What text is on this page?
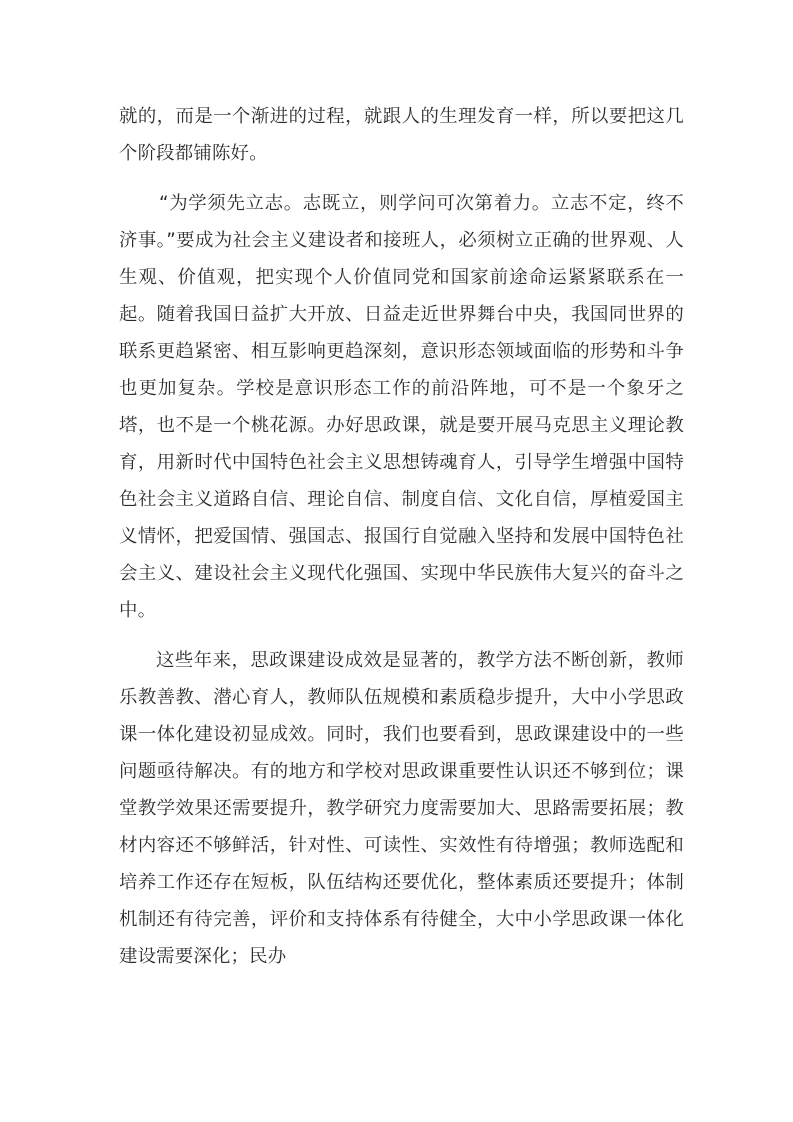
就的，而是一个渐进的过程，就跟人的生理发育一样，所以要把这几个阶段都铺陈好。

“为学须先立志。志既立，则学问可次第着力。立志不定，终不济事。”要成为社会主义建设者和接班人，必须树立正确的世界观、人生观、价值观，把实现个人价值同党和国家前途命运紧紧联系在一起。随着我国日益扩大开放、日益走近世界舞台中央，我国同世界的联系更趋紧密、相互影响更趋深刻，意识形态领域面临的形势和斗争也更加复杂。学校是意识形态工作的前沿阵地，可不是一个象牙之塔，也不是一个桃花源。办好思政课，就是要开展马克思主义理论教育，用新时代中国特色社会主义思想铸魂育人，引导学生增强中国特色社会主义道路自信、理论自信、制度自信、文化自信，厚植爱国主义情怀，把爱国情、强国志、报国行自觉融入坚持和发展中国特色社会主义、建设社会主义现代化强国、实现中华民族伟大复兴的奋斗之中。

这些年来，思政课建设成效是显著的，教学方法不断创新，教师乐教善教、潜心育人，教师队伍规模和素质稳步提升，大中小学思政课一体化建设初显成效。同时，我们也要看到，思政课建设中的一些问题亟待解决。有的地方和学校对思政课重要性认识还不够到位；课堂教学效果还需要提升，教学研究力度需要加大、思路需要拓展；教材内容还不够鲜活，针对性、可读性、实效性有待增强；教师选配和培养工作还存在短板，队伍结构还要优化，整体素质还要提升；体制机制还有待完善，评价和支持体系有待健全，大中小学思政课一体化建设需要深化；民办
